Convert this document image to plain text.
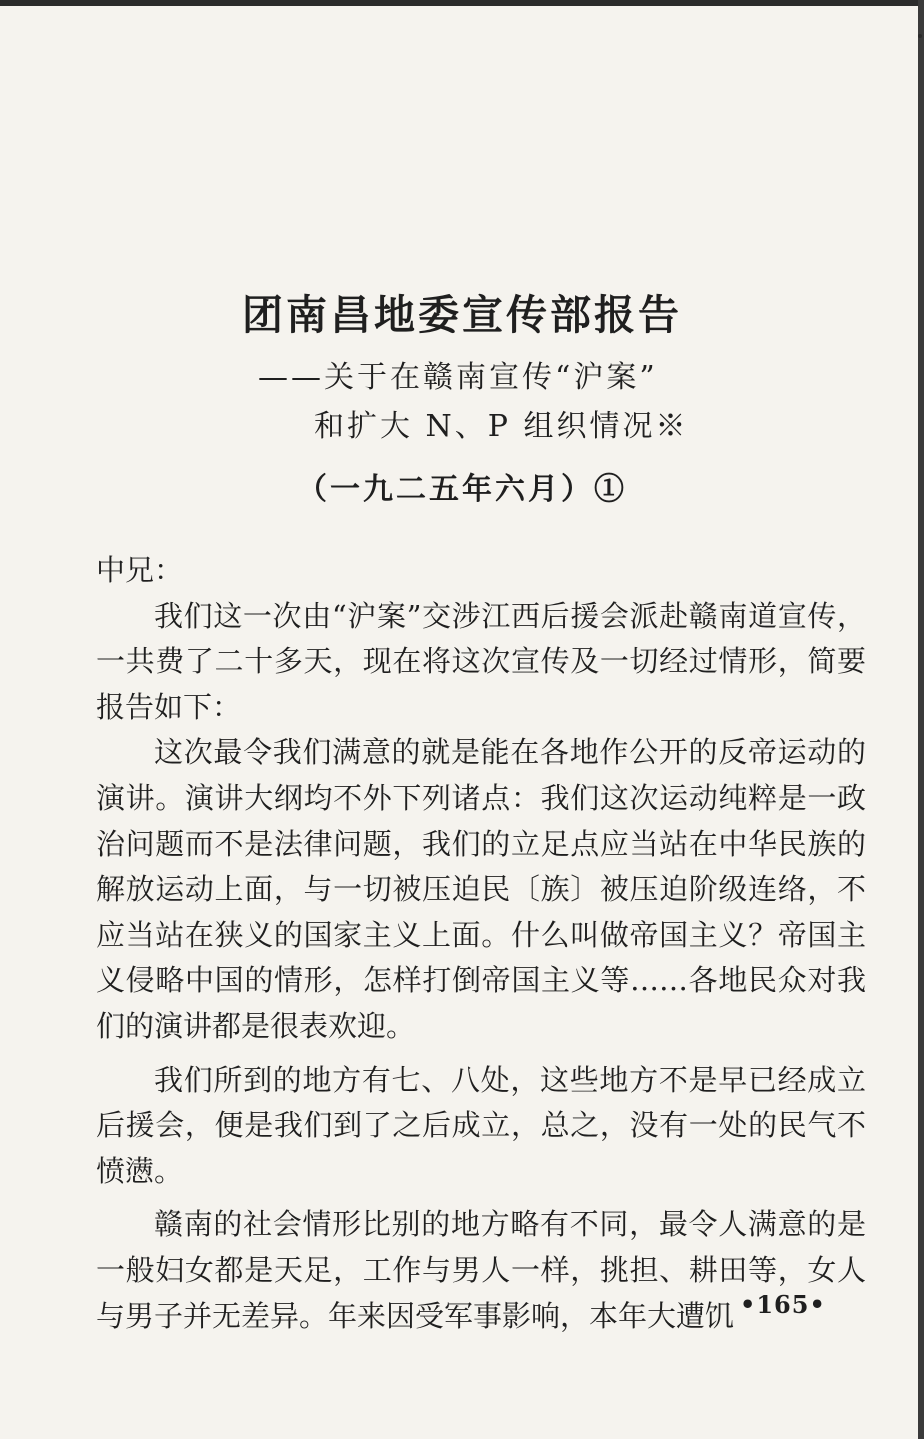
团南昌地委宣传部报告
——关于在赣南宣传“沪案”
和扩大 N、P 组织情况※
（一九二五年六月）①

中兄：

我们这一次由“沪案”交涉江西后援会派赴赣南道宣传，一共费了二十多天，现在将这次宣传及一切经过情形，简要报告如下：

这次最令我们满意的就是能在各地作公开的反帝运动的演讲。演讲大纲均不外下列诸点：我们这次运动纯粹是一政治问题而不是法律问题，我们的立足点应当站在中华民族的解放运动上面，与一切被压迫民〔族〕被压迫阶级连络，不应当站在狭义的国家主义上面。什么叫做帝国主义？帝国主义侵略中国的情形，怎样打倒帝国主义等……各地民众对我们的演讲都是很表欢迎。

我们所到的地方有七、八处，这些地方不是早已经成立后援会，便是我们到了之后成立，总之，没有一处的民气不愤懑。

赣南的社会情形比别的地方略有不同，最令人满意的是一般妇女都是天足，工作与男人一样，挑担、耕田等，女人与男子并无差异。年来因受军事影响，本年大遭饥 •165•
